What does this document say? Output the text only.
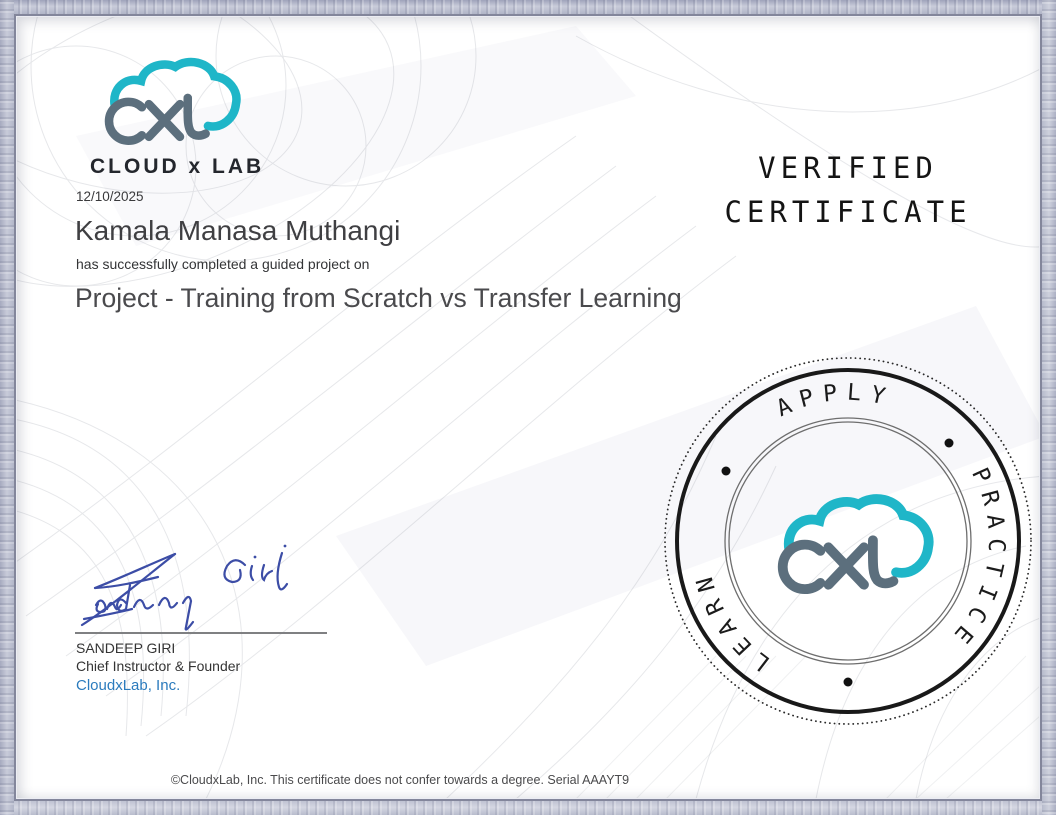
CLOUD x LAB
12/10/2025
Kamala Manasa Muthangi
has successfully completed a guided project on
Project - Training from Scratch vs Transfer Learning
VERIFIED
CERTIFICATE
APPLY
PRACTICE
LEARN
SANDEEP GIRI
Chief Instructor & Founder
CloudxLab, Inc.
©CloudxLab, Inc. This certificate does not confer towards a degree. Serial AAAYT9
